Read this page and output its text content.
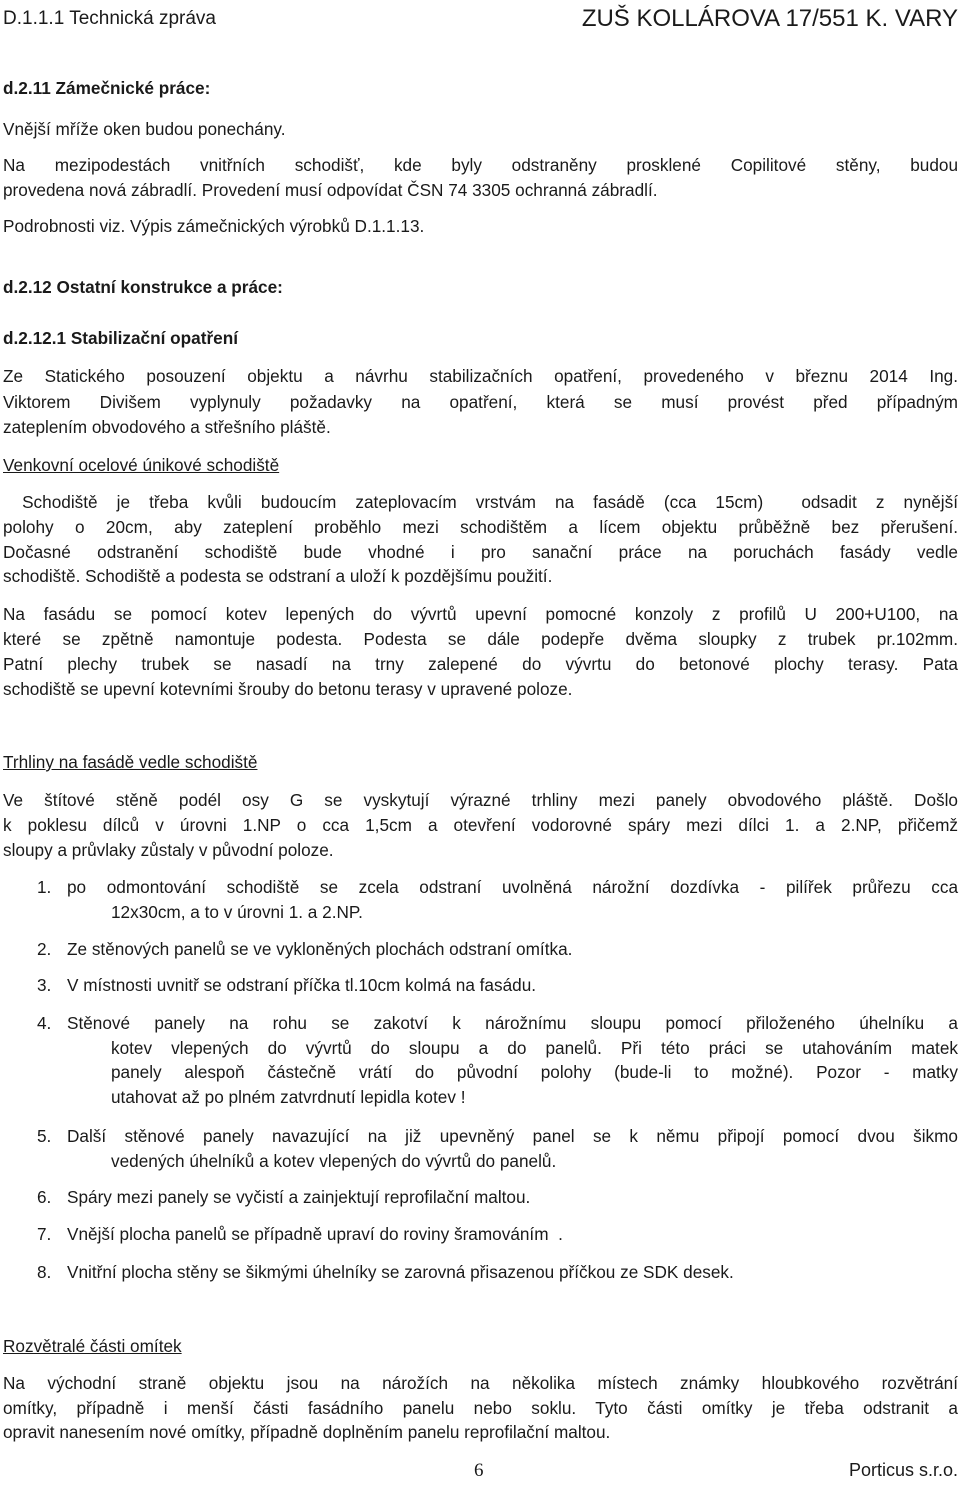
D.1.1.1 Technická zpráva	ZUŠ KOLLÁROVA 17/551 K. VARY
d.2.11 Zámečnické práce:
Vnější mříže oken budou ponechány.
Na mezipodestách vnitřních schodišť, kde byly odstraněny prosklené Copilitové stěny, budou
provedena nová zábradlí. Provedení musí odpovídat ČSN 74 3305 ochranná zábradlí.
Podrobnosti viz. Výpis zámečnických výrobků D.1.1.13.
d.2.12 Ostatní konstrukce a práce:
d.2.12.1 Stabilizační opatření
Ze Statického posouzení objektu a návrhu stabilizačních opatření, provedeného v březnu 2014 Ing.
Viktorem Divišem vyplynuly požadavky na opatření, která se musí provést před případným
zateplením obvodového a střešního pláště.
Venkovní ocelové únikové schodiště
Schodiště je třeba kvůli budoucím zateplovacím vrstvám na fasádě (cca 15cm)  odsadit z nynější
polohy o 20cm, aby zateplení proběhlo mezi schodištěm a lícem objektu průběžně bez přerušení.
Dočasné odstranění schodiště bude vhodné i pro sanační práce na poruchách fasády vedle
schodiště. Schodiště a podesta se odstraní a uloží k pozdějšímu použití.
Na fasádu se pomocí kotev lepených do vývrtů upevní pomocné konzoly z profilů U 200+U100, na
které se zpětně namontuje podesta. Podesta se dále podepře dvěma sloupky z trubek pr.102mm.
Patní plechy trubek se nasadí na trny zalepené do vývrtu do betonové plochy terasy. Pata
schodiště se upevní kotevními šrouby do betonu terasy v upravené poloze.
Trhliny na fasádě vedle schodiště
Ve štítové stěně podél osy G se vyskytují výrazné trhliny mezi panely obvodového pláště. Došlo
k poklesu dílců v úrovni 1.NP o cca 1,5cm a otevření vodorovné spáry mezi dílci 1. a 2.NP, přičemž
sloupy a průvlaky zůstaly v původní poloze.
1. po odmontování schodiště se zcela odstraní uvolněná nárožní dozdívka - pilířek průřezu cca
12x30cm, a to v úrovni 1. a 2.NP.
2. Ze stěnových panelů se ve vykloněných plochách odstraní omítka.
3. V místnosti uvnitř se odstraní příčka tl.10cm kolmá na fasádu.
4. Stěnové panely na rohu se zakotví k nárožnímu sloupu pomocí přiloženého úhelníku a
kotev vlepených do vývrtů do sloupu a do panelů. Při této práci se utahováním matek
panely alespoň částečně vrátí do původní polohy (bude-li to možné). Pozor - matky
utahovat až po plném zatvrdnutí lepidla kotev !
5. Další stěnové panely navazující na již upevněný panel se k němu připojí pomocí dvou šikmo
vedených úhelníků a kotev vlepených do vývrtů do panelů.
6. Spáry mezi panely se vyčistí a zainjektují reprofilační maltou.
7. Vnější plocha panelů se případně upraví do roviny šramováním  .
8. Vnitřní plocha stěny se šikmými úhelníky se zarovná přisazenou příčkou ze SDK desek.
Rozvětralé části omítek
Na východní straně objektu jsou na nárožích na několika místech známky hloubkového rozvětrání
omítky, případně i menší části fasádního panelu nebo soklu. Tyto části omítky je třeba odstranit a
opravit nanesením nové omítky, případně doplněním panelu reprofilační maltou.
6	Porticus s.r.o.
